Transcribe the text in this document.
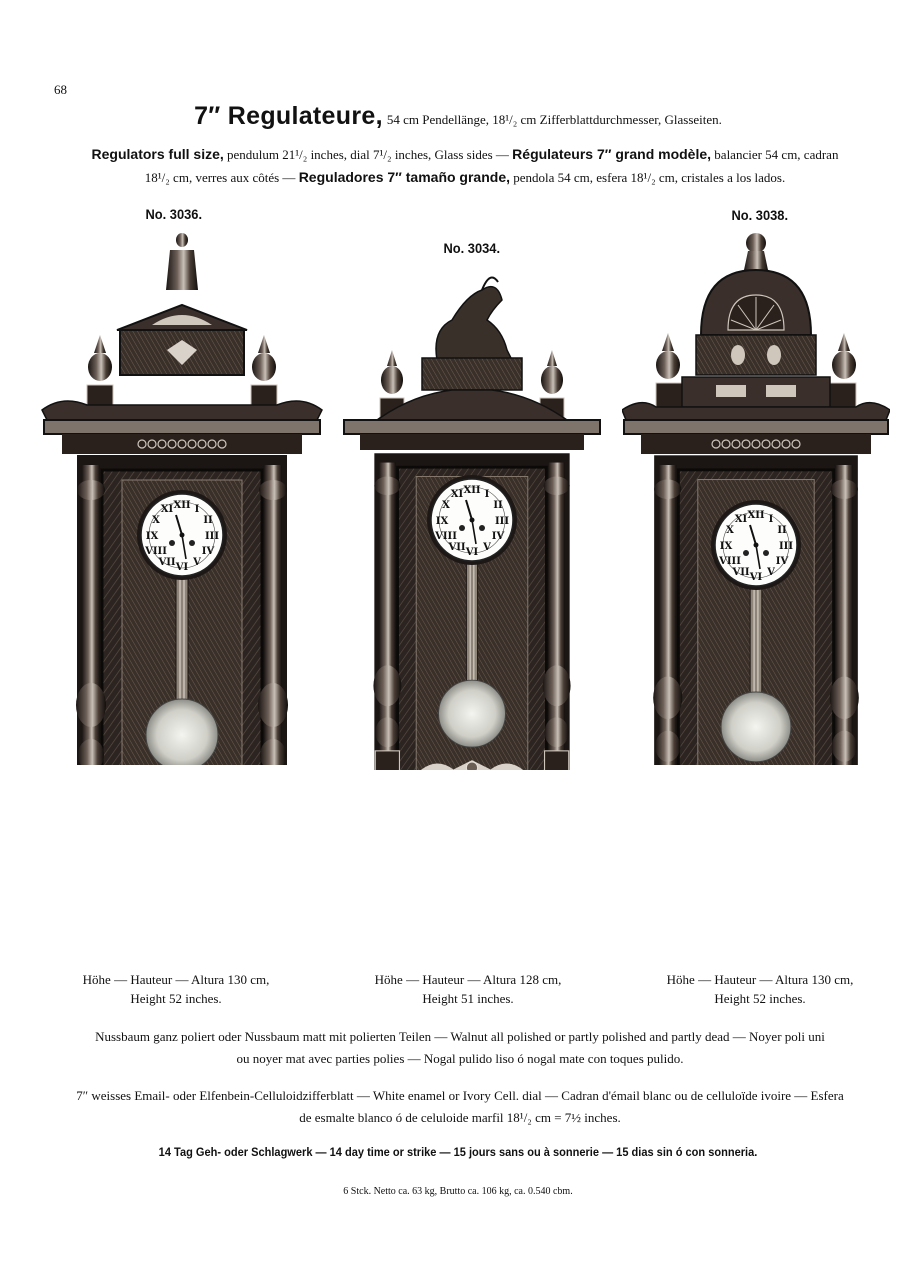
68
7″ Regulateure, 54 cm Pendellänge, 18¹/₂ cm Zifferblattdurchmesser, Glasseiten.
Regulators full size, pendulum 21¹/₂ inches, dial 7¹/₂ inches, Glass sides — Régulateurs 7″ grand modèle, balancier 54 cm, cadran 18¹/₂ cm, verres aux côtés — Reguladores 7″ tamaño grande, pendola 54 cm, esfera 18¹/₂ cm, cristales a los lados.
No. 3036.
No. 3034.
No. 3038.
Höhe — Hauteur — Altura 130 cm,
Height 52 inches.
Höhe — Hauteur — Altura 128 cm,
Height 51 inches.
Höhe — Hauteur — Altura 130 cm,
Height 52 inches.
Nussbaum ganz poliert oder Nussbaum matt mit polierten Teilen — Walnut all polished or partly polished and partly dead — Noyer poli uni
ou noyer mat avec parties polies — Nogal pulido liso ó nogal mate con toques pulido.
7″ weisses Email- oder Elfenbein-Celluloidzifferblatt — White enamel or Ivory Cell. dial — Cadran d'émail blanc ou de celluloïde ivoire — Esfera
de esmalte blanco ó de celuloide marfil 18¹/₂ cm = 7½ inches.
14 Tag Geh- oder Schlagwerk — 14 day time or strike — 15 jours sans ou à sonnerie — 15 dias sin ó con sonneria.
6 Stck. Netto ca. 63 kg, Brutto ca. 106 kg, ca. 0.540 cbm.
